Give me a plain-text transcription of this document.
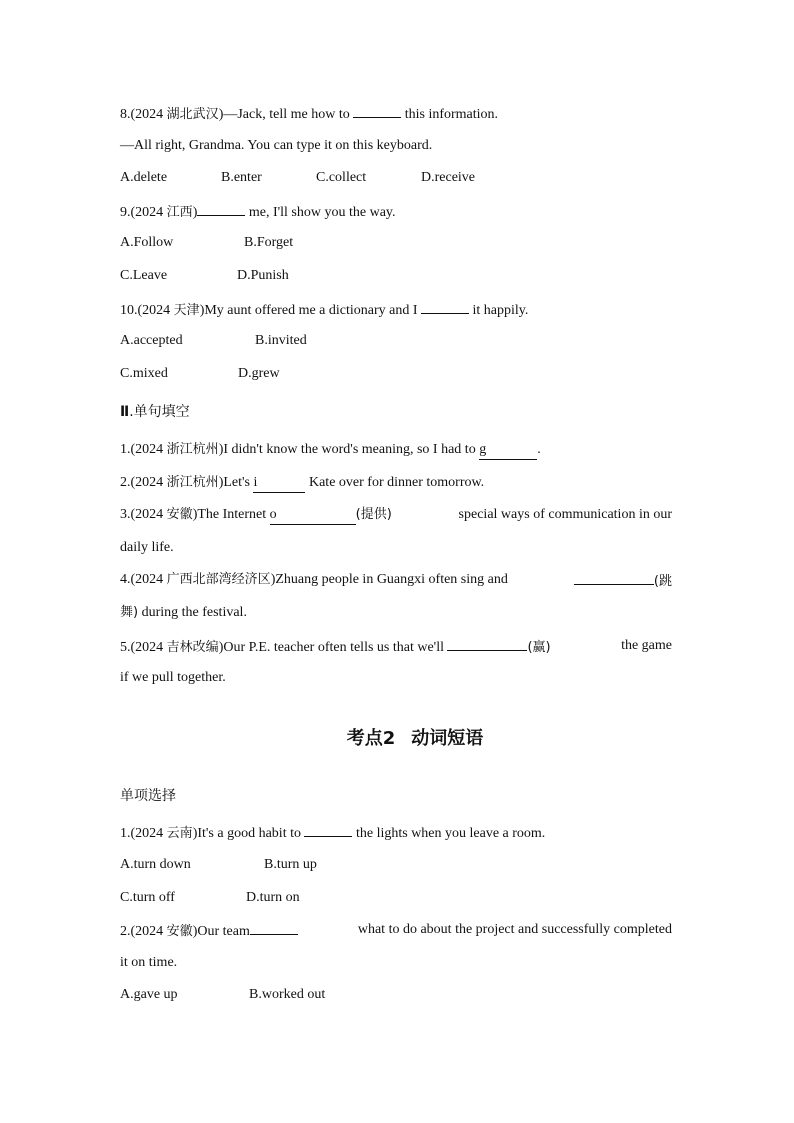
8.(2024 湖北武汉)—Jack, tell me how to	this information.
—All right, Grandma. You can type it on this keyboard.
A.delete	B.enter	C.collect	D.receive
9.(2024 江西)	me, I'll show you the way.
A.Follow	B.Forget
C.Leave	D.Punish
10.(2024 天津)My aunt offered me a dictionary and I	it happily.
A.accepted	B.invited
C.mixed	D.grew
Ⅱ.单句填空
1.(2024 浙江杭州)I didn't know the word's meaning, so I had to g	.
2.(2024 浙江杭州)Let's i	Kate over for dinner tomorrow.
3.(2024 安徽)The Internet o	(提供)	special ways of communication in our
daily life.
4.(2024 广西北部湾经济区)Zhuang people in Guangxi often sing and	(跳
舞) during the festival.
5.(2024 吉林改编)Our P.E. teacher often tells us that we'll	(赢)	the game
if we pull together.
考点2 动词短语
单项选择
1.(2024 云南)It's a good habit to	the lights when you leave a room.
A.turn down	B.turn up
C.turn off	D.turn on
2.(2024 安徽)Our team	what to do about the project and successfully completed
it on time.
A.gave up	B.worked out
